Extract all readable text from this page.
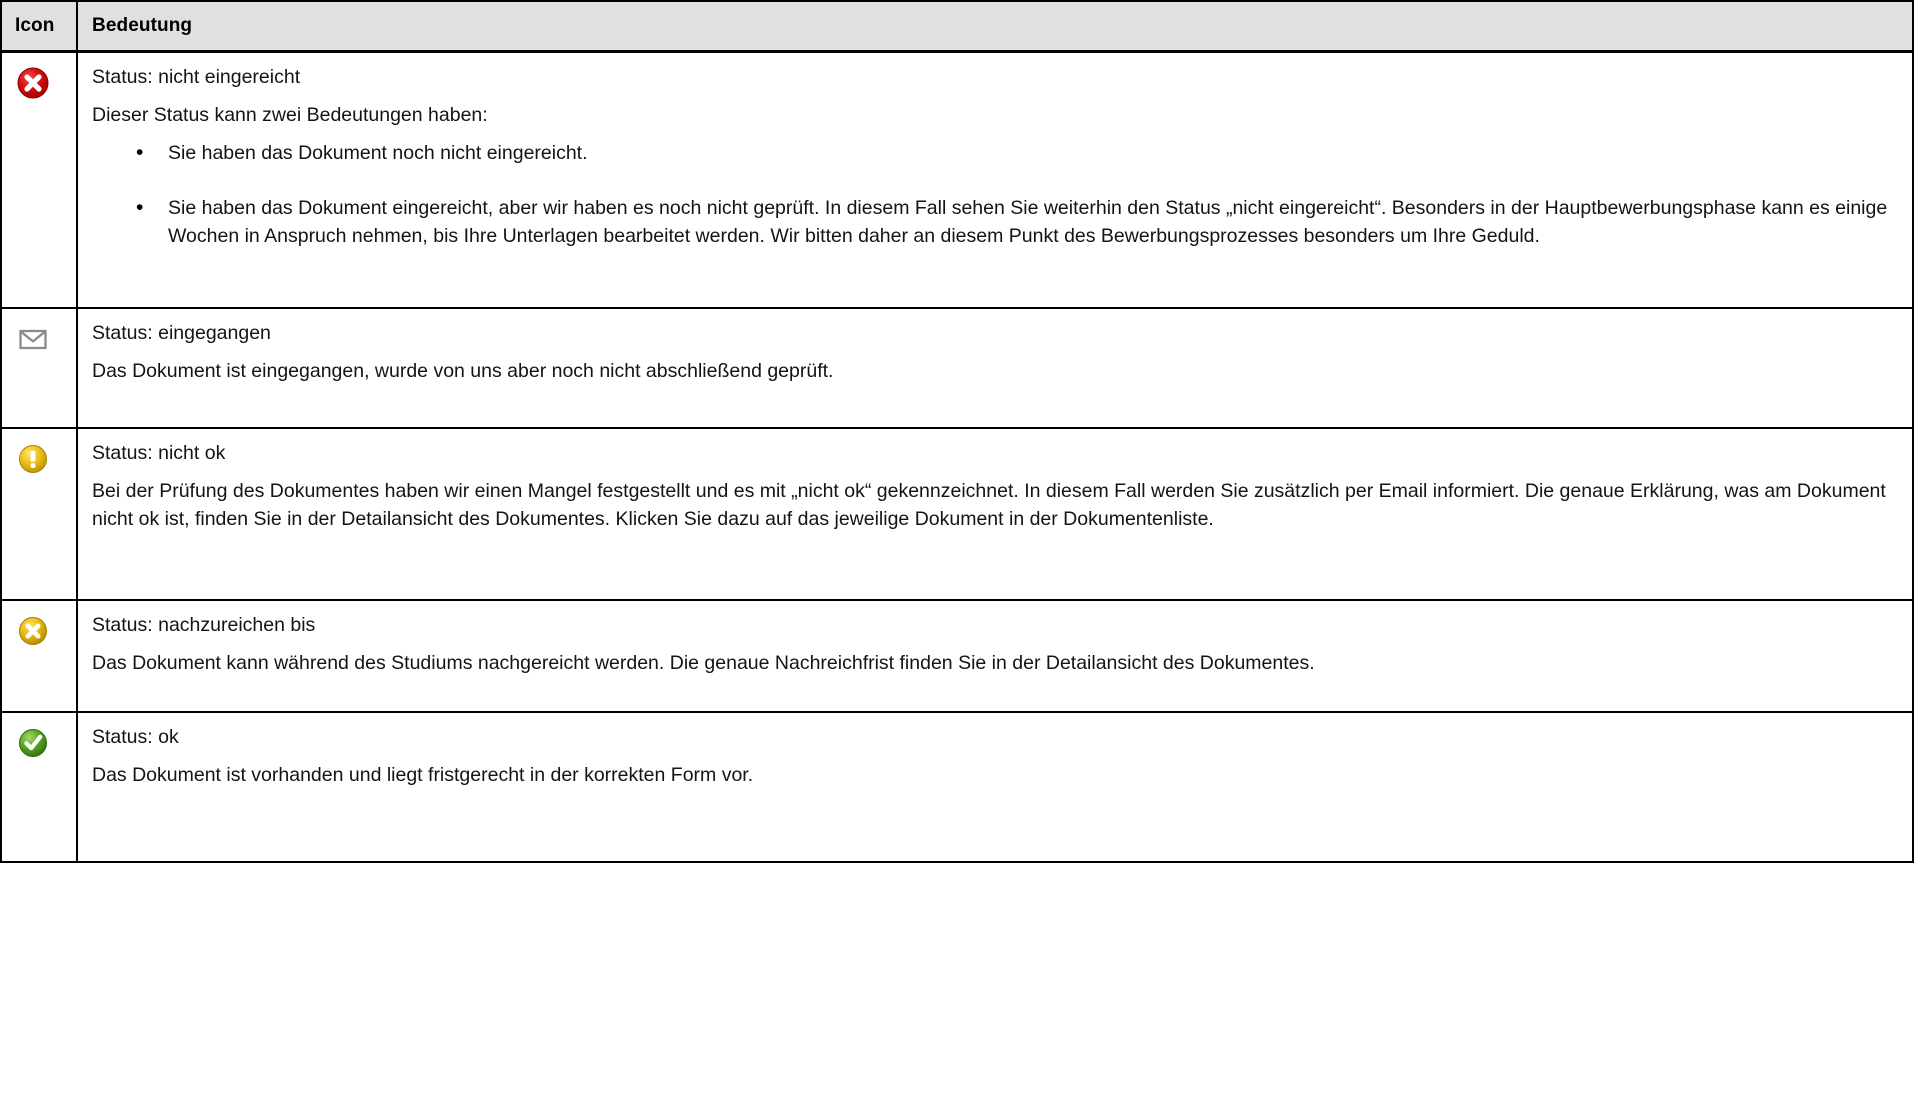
Icon	Bedeutung

Status: nicht eingereicht

Dieser Status kann zwei Bedeutungen haben:

• Sie haben das Dokument noch nicht eingereicht.
• Sie haben das Dokument eingereicht, aber wir haben es noch nicht geprüft. In diesem Fall sehen Sie weiterhin den Status „nicht eingereicht“. Besonders in der Hauptbewerbungsphase kann es einige Wochen in Anspruch nehmen, bis Ihre Unterlagen bearbeitet werden. Wir bitten daher an diesem Punkt des Bewerbungsprozesses besonders um Ihre Geduld.

Status: eingegangen

Das Dokument ist eingegangen, wurde von uns aber noch nicht abschließend geprüft.

Status: nicht ok

Bei der Prüfung des Dokumentes haben wir einen Mangel festgestellt und es mit „nicht ok“ gekennzeichnet. In diesem Fall werden Sie zusätzlich per Email informiert. Die genaue Erklärung, was am Dokument nicht ok ist, finden Sie in der Detailansicht des Dokumentes. Klicken Sie dazu auf das jeweilige Dokument in der Dokumentenliste.

Status: nachzureichen bis

Das Dokument kann während des Studiums nachgereicht werden. Die genaue Nachreichfrist finden Sie in der Detailansicht des Dokumentes.

Status: ok

Das Dokument ist vorhanden und liegt fristgerecht in der korrekten Form vor.
